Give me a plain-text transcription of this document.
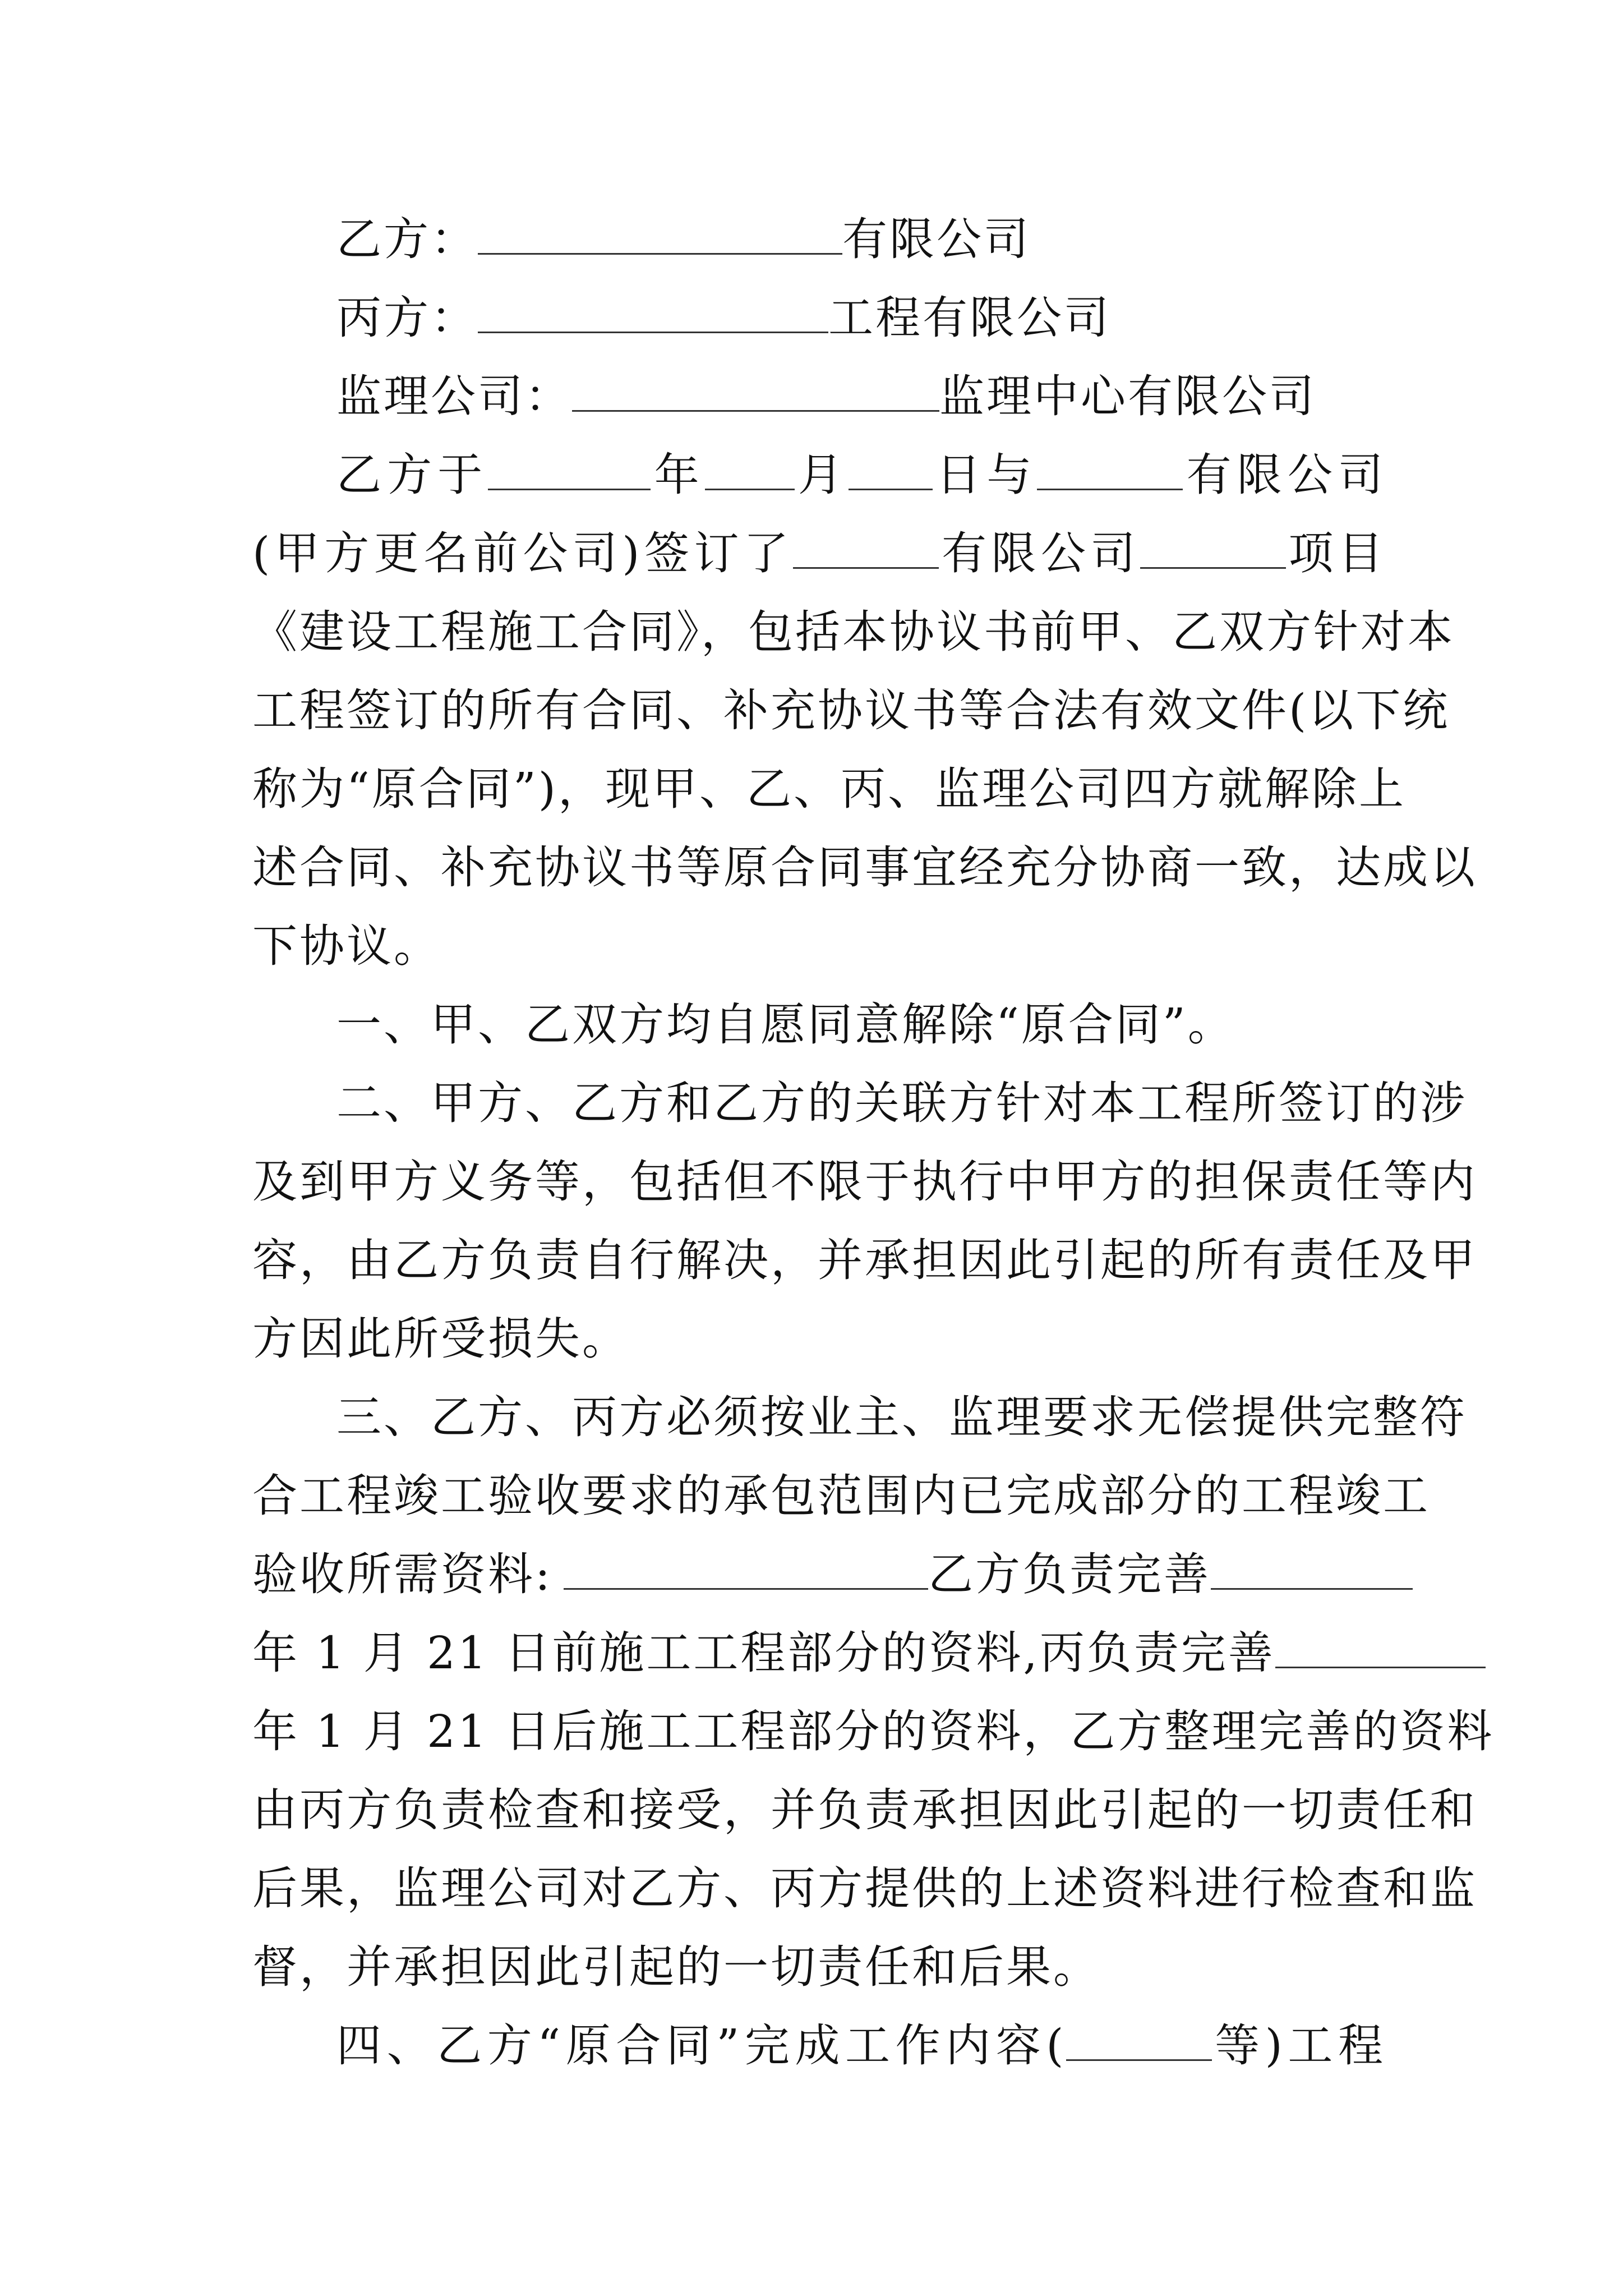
乙方：	有限公司
丙方：	工程有限公司
监理公司：	监理中心有限公司
乙方于	年 月 日与	有限公司
(甲方更名前公司)签订了	有限公司	项目
《建设工程施工合同》，包括本协议书前甲、乙双方针对本
工程签订的所有合同、补充协议书等合法有效文件(以下统
称为“原合同”)，现甲、乙、丙、监理公司四方就解除上
述合同、补充协议书等原合同事宜经充分协商一致，达成以
下协议。
一、甲、乙双方均自愿同意解除“原合同”。
二、甲方、乙方和乙方的关联方针对本工程所签订的涉
及到甲方义务等，包括但不限于执行中甲方的担保责任等内
容，由乙方负责自行解决，并承担因此引起的所有责任及甲
方因此所受损失。
三、乙方、丙方必须按业主、监理要求无偿提供完整符
合工程竣工验收要求的承包范围内已完成部分的工程竣工
验收所需资料:	乙方负责完善
年 1 月 21 日前施工工程部分的资料,丙负责完善
年 1 月 21 日后施工工程部分的资料，乙方整理完善的资料
由丙方负责检查和接受，并负责承担因此引起的一切责任和
后果，监理公司对乙方、丙方提供的上述资料进行检查和监
督，并承担因此引起的一切责任和后果。
四、乙方“原合同”完成工作内容(	等)工程
